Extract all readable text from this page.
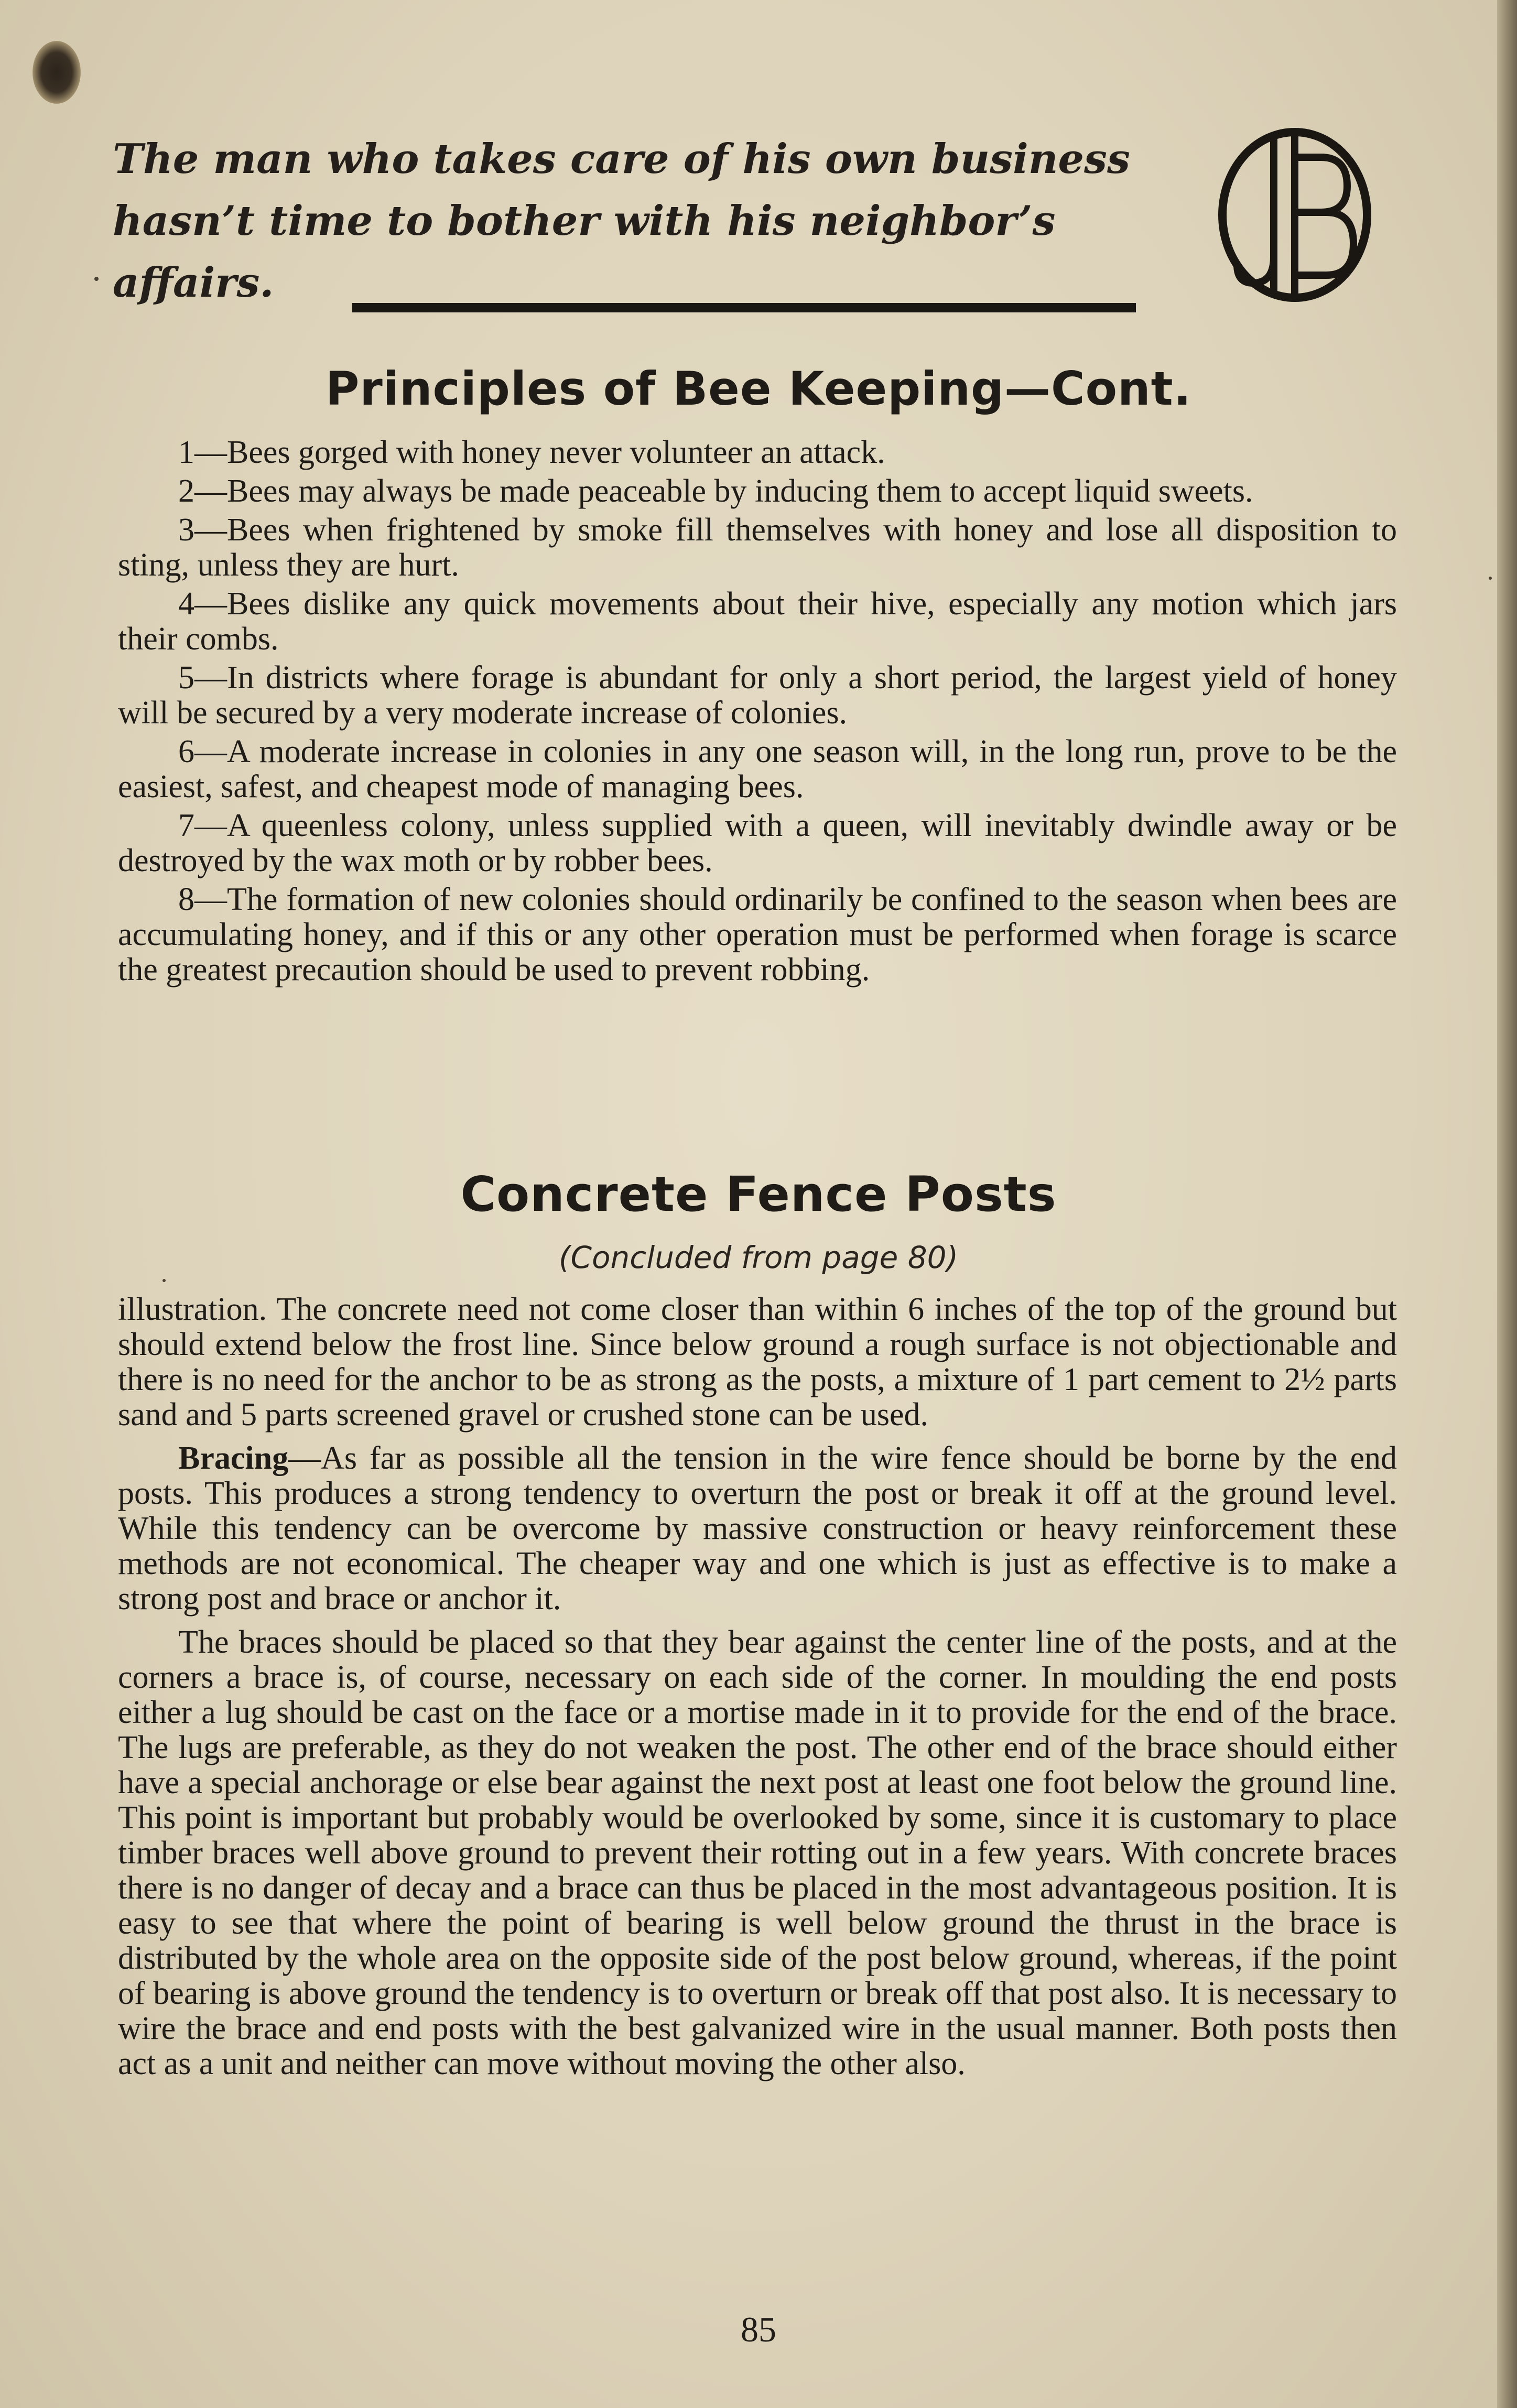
The man who takes care of his own business hasn’t time to bother with his neighbor’s affairs.

Principles of Bee Keeping—Cont.

1—Bees gorged with honey never volunteer an attack.

2—Bees may always be made peaceable by inducing them to accept liquid sweets.

3—Bees when frightened by smoke fill themselves with honey and lose all disposition to sting, unless they are hurt.

4—Bees dislike any quick movements about their hive, especially any motion which jars their combs.

5—In districts where forage is abundant for only a short period, the largest yield of honey will be secured by a very moderate increase of colonies.

6—A moderate increase in colonies in any one season will, in the long run, prove to be the easiest, safest, and cheapest mode of managing bees.

7—A queenless colony, unless supplied with a queen, will inevitably dwindle away or be destroyed by the wax moth or by robber bees.

8—The formation of new colonies should ordinarily be confined to the season when bees are accumulating honey, and if this or any other operation must be performed when forage is scarce the greatest precaution should be used to prevent robbing.

Concrete Fence Posts

(Concluded from page 80)

illustration. The concrete need not come closer than within 6 inches of the top of the ground but should extend below the frost line. Since below ground a rough surface is not objectionable and there is no need for the anchor to be as strong as the posts, a mixture of 1 part cement to 2½ parts sand and 5 parts screened gravel or crushed stone can be used.

Bracing—As far as possible all the tension in the wire fence should be borne by the end posts. This produces a strong tendency to overturn the post or break it off at the ground level. While this tendency can be overcome by massive construction or heavy reinforcement these methods are not economical. The cheaper way and one which is just as effective is to make a strong post and brace or anchor it.

The braces should be placed so that they bear against the center line of the posts, and at the corners a brace is, of course, necessary on each side of the corner. In moulding the end posts either a lug should be cast on the face or a mortise made in it to provide for the end of the brace. The lugs are preferable, as they do not weaken the post. The other end of the brace should either have a special anchorage or else bear against the next post at least one foot below the ground line. This point is important but probably would be overlooked by some, since it is customary to place timber braces well above ground to prevent their rotting out in a few years. With concrete braces there is no danger of decay and a brace can thus be placed in the most advantageous position. It is easy to see that where the point of bearing is well below ground the thrust in the brace is distributed by the whole area on the opposite side of the post below ground, whereas, if the point of bearing is above ground the tendency is to overturn or break off that post also. It is necessary to wire the brace and end posts with the best galvanized wire in the usual manner. Both posts then act as a unit and neither can move without moving the other also.

85
